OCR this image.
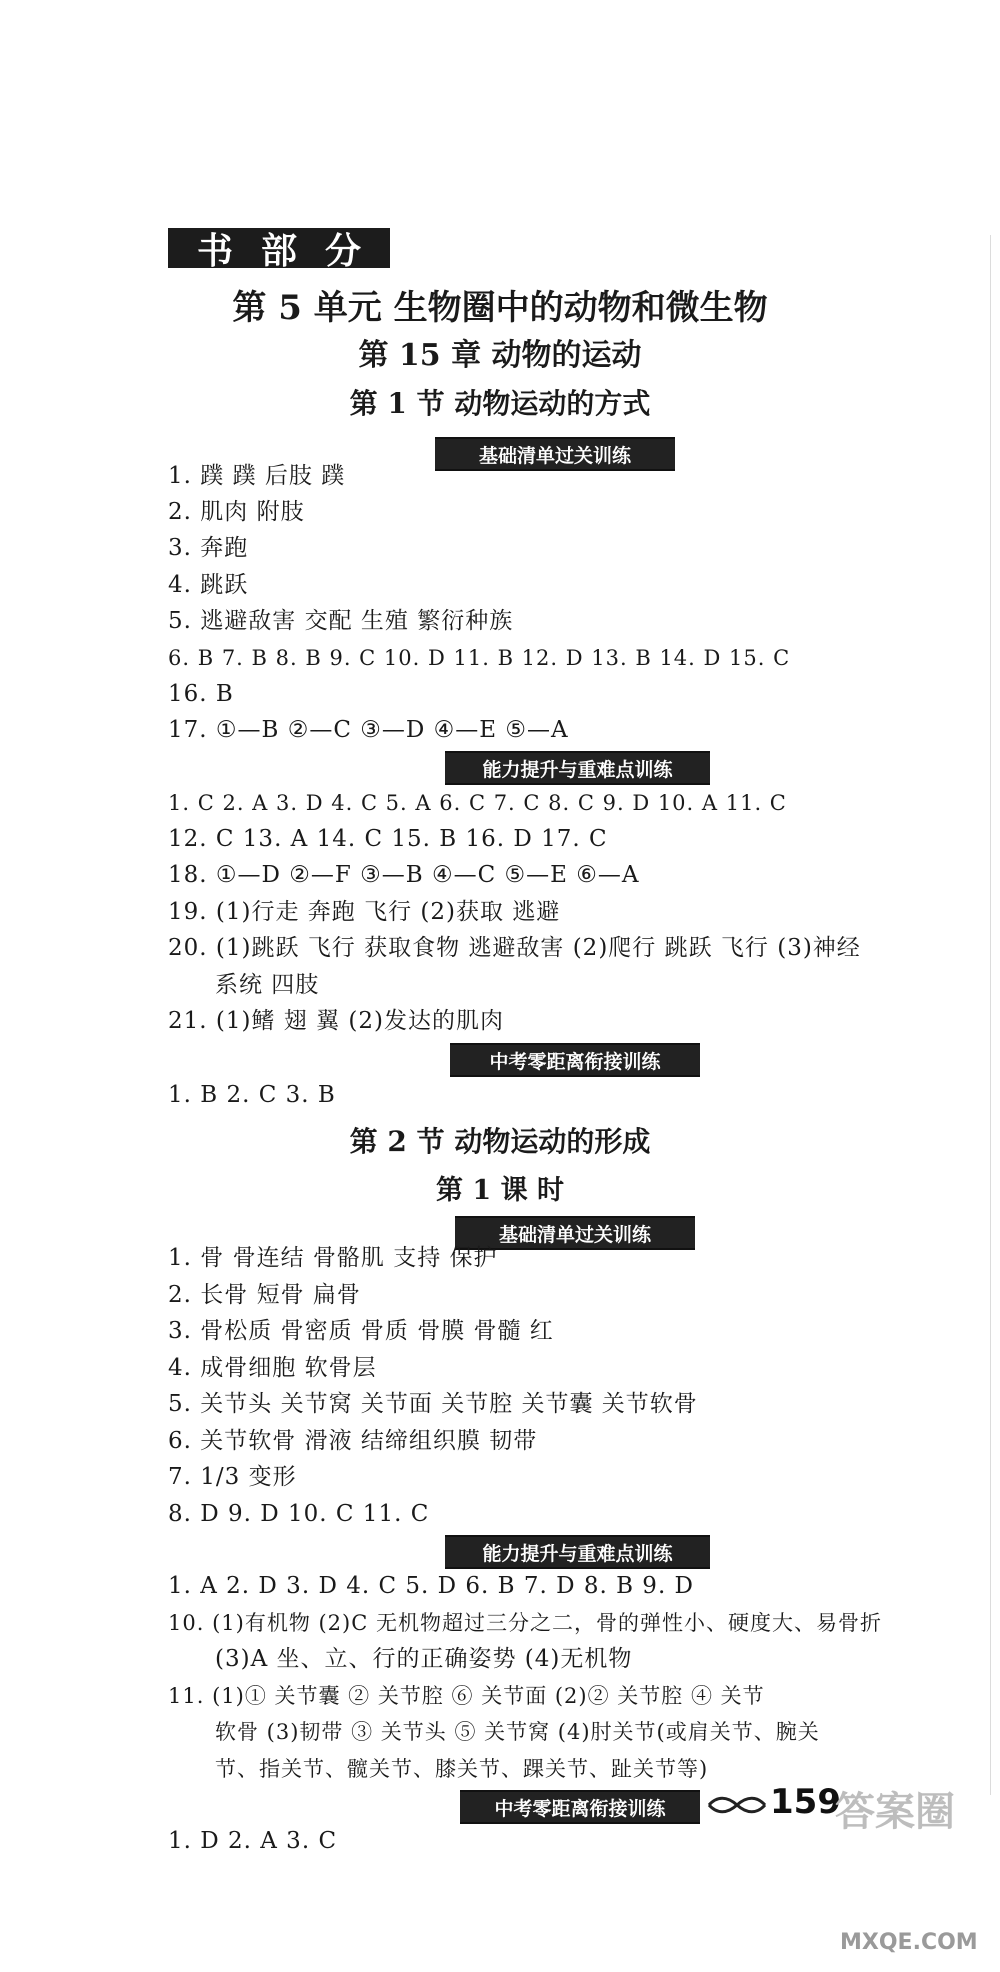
书部分
第 5 单元 生物圈中的动物和微生物
第 15 章 动物的运动
第 1 节 动物运动的方式
基础清单过关训练
1. 蹼 蹼 后肢 蹼
2. 肌肉 附肢
3. 奔跑
4. 跳跃
5. 逃避敌害 交配 生殖 繁衍种族
6. B 7. B 8. B 9. C 10. D 11. B 12. D 13. B 14. D 15. C
16. B
17. ①—B ②—C ③—D ④—E ⑤—A
能力提升与重难点训练
1. C 2. A 3. D 4. C 5. A 6. C 7. C 8. C 9. D 10. A 11. C
12. C 13. A 14. C 15. B 16. D 17. C
18. ①—D ②—F ③—B ④—C ⑤—E ⑥—A
19. (1)行走 奔跑 飞行 (2)获取 逃避
20. (1)跳跃 飞行 获取食物 逃避敌害 (2)爬行 跳跃 飞行 (3)神经
系统 四肢
21. (1)鳍 翅 翼 (2)发达的肌肉
中考零距离衔接训练
1. B 2. C 3. B
第 2 节 动物运动的形成
第 1 课 时
基础清单过关训练
1. 骨 骨连结 骨骼肌 支持 保护
2. 长骨 短骨 扁骨
3. 骨松质 骨密质 骨质 骨膜 骨髓 红
4. 成骨细胞 软骨层
5. 关节头 关节窝 关节面 关节腔 关节囊 关节软骨
6. 关节软骨 滑液 结缔组织膜 韧带
7. 1/3 变形
8. D 9. D 10. C 11. C
能力提升与重难点训练
1. A 2. D 3. D 4. C 5. D 6. B 7. D 8. B 9. D
10. (1)有机物 (2)C 无机物超过三分之二，骨的弹性小、硬度大、易骨折
(3)A 坐、立、行的正确姿势 (4)无机物
11. (1)① 关节囊 ② 关节腔 ⑥ 关节面 (2)② 关节腔 ④ 关节
软骨 (3)韧带 ③ 关节头 ⑤ 关节窝 (4)肘关节(或肩关节、腕关
节、指关节、髋关节、膝关节、踝关节、趾关节等)
中考零距离衔接训练
1. D 2. A 3. C
159
答案圈
MXQE.COM
